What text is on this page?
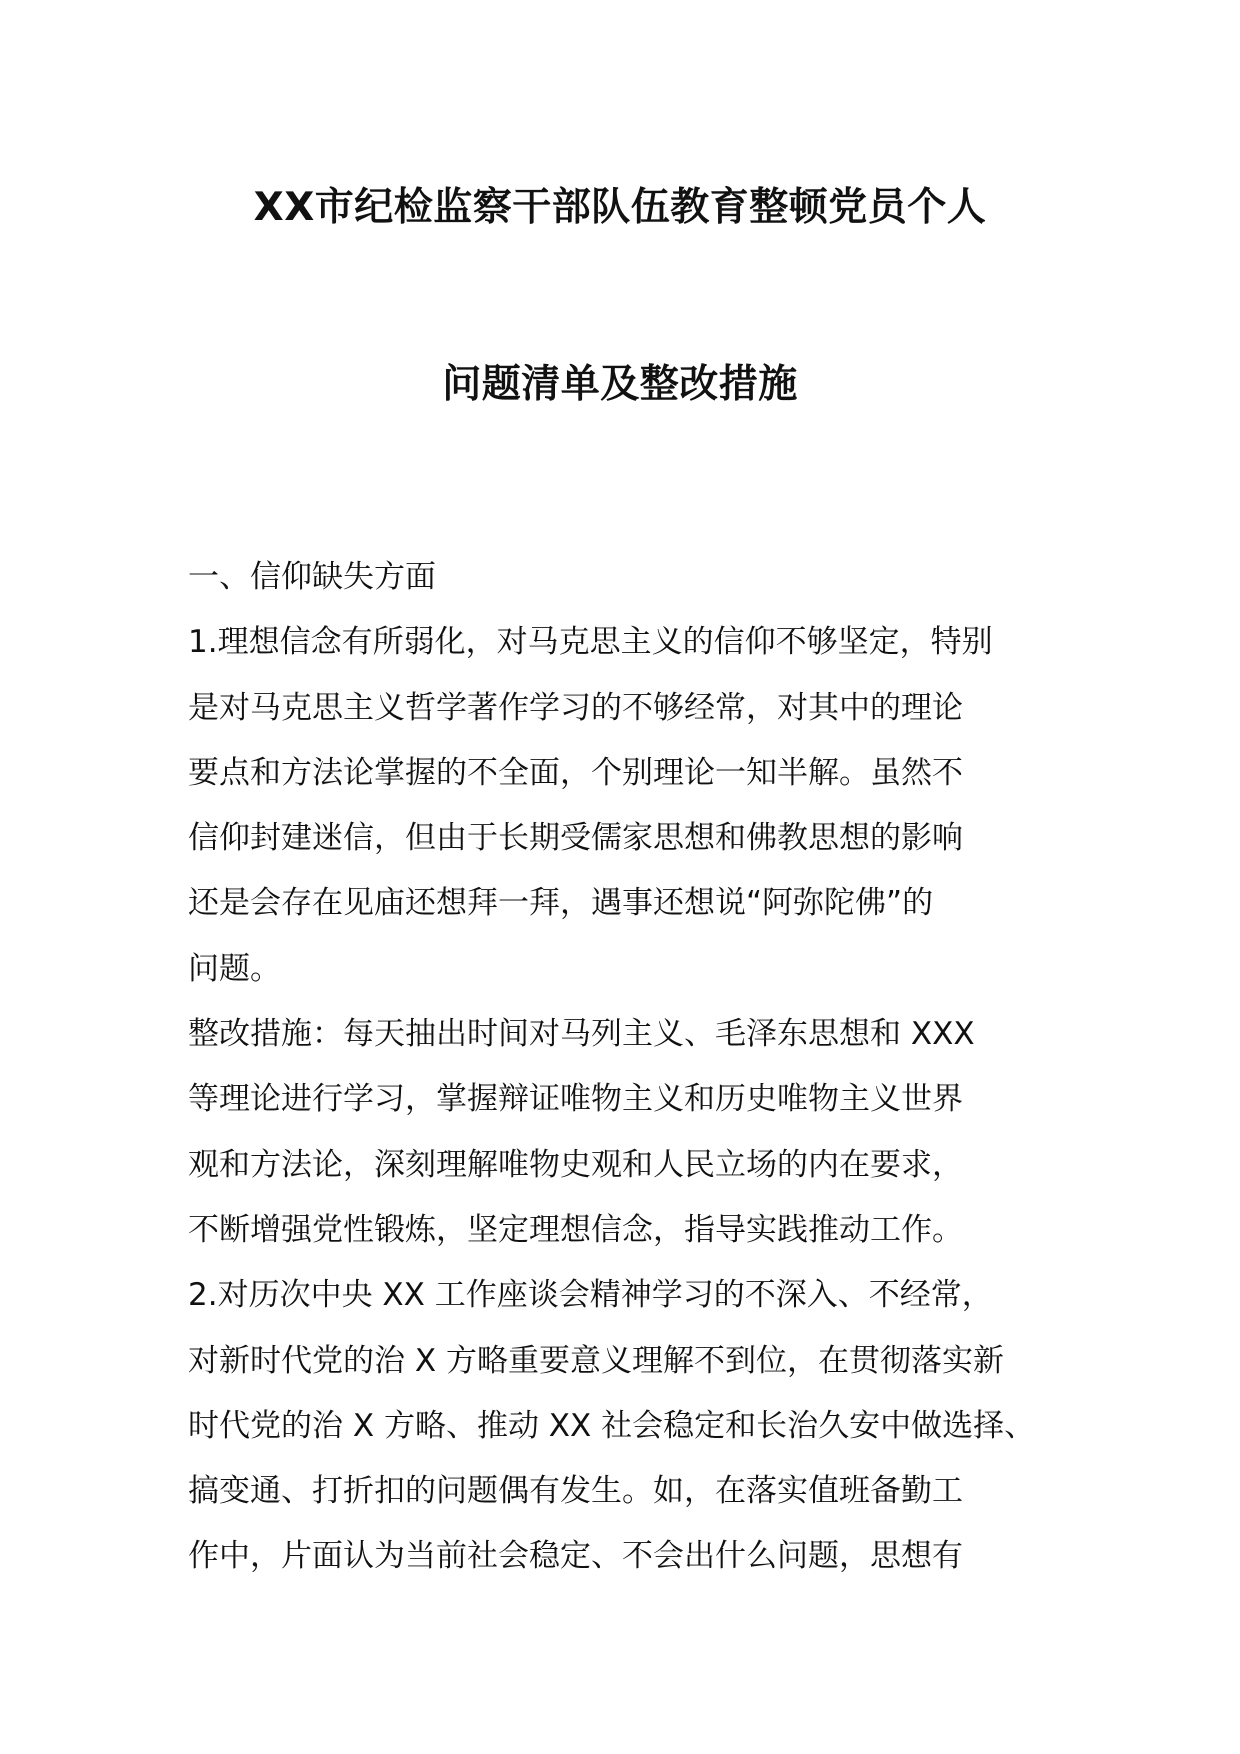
XX市纪检监察干部队伍教育整顿党员个人
问题清单及整改措施
一、信仰缺失方面
1.理想信念有所弱化，对马克思主义的信仰不够坚定，特别
是对马克思主义哲学著作学习的不够经常，对其中的理论
要点和方法论掌握的不全面，个别理论一知半解。虽然不
信仰封建迷信，但由于长期受儒家思想和佛教思想的影响
还是会存在见庙还想拜一拜，遇事还想说“阿弥陀佛”的
问题。
整改措施：每天抽出时间对马列主义、毛泽东思想和 XXX
等理论进行学习，掌握辩证唯物主义和历史唯物主义世界
观和方法论，深刻理解唯物史观和人民立场的内在要求，
不断增强党性锻炼，坚定理想信念，指导实践推动工作。
2.对历次中央 XX 工作座谈会精神学习的不深入、不经常，
对新时代党的治 X 方略重要意义理解不到位，在贯彻落实新
时代党的治 X 方略、推动 XX 社会稳定和长治久安中做选择、
搞变通、打折扣的问题偶有发生。如，在落实值班备勤工
作中，片面认为当前社会稳定、不会出什么问题，思想有
